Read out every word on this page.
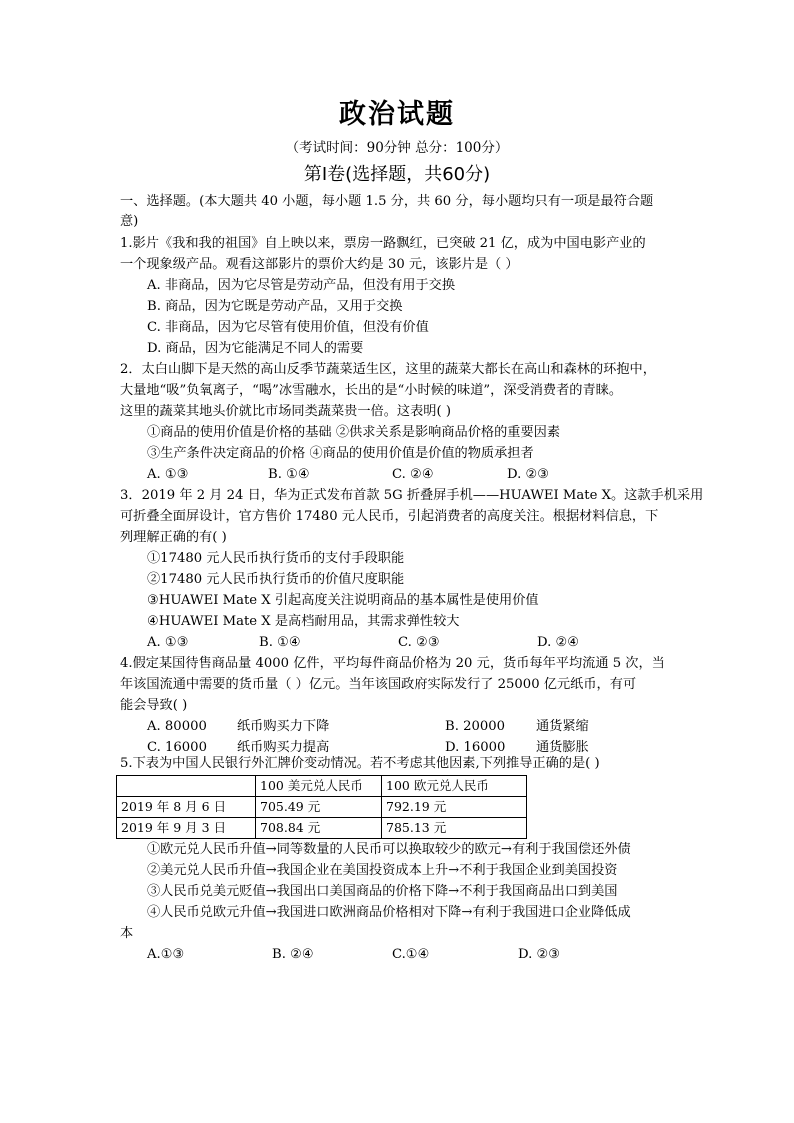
政治试题
（考试时间：90分钟 总分：100分）
第Ⅰ卷(选择题，共60分)
一、选择题。(本大题共 40 小题，每小题 1.5 分，共 60 分，每小题均只有一项是最符合题
意)
1.影片《我和我的祖国》自上映以来，票房一路飘红，已突破 21 亿，成为中国电影产业的
一个现象级产品。观看这部影片的票价大约是 30 元，该影片是（ ）
A. 非商品，因为它尽管是劳动产品，但没有用于交换
B. 商品，因为它既是劳动产品，又用于交换
C. 非商品，因为它尽管有使用价值，但没有价值
D. 商品，因为它能满足不同人的需要
2．太白山脚下是天然的高山反季节蔬菜适生区，这里的蔬菜大都长在高山和森林的环抱中，
大量地“吸”负氧离子，“喝”冰雪融水，长出的是“小时候的味道”，深受消费者的青睐。
这里的蔬菜其地头价就比市场同类蔬菜贵一倍。这表明( )
①商品的使用价值是价格的基础 ②供求关系是影响商品价格的重要因素
③生产条件决定商品的价格 ④商品的使用价值是价值的物质承担者
A. ①③	B. ①④	C. ②④	D. ②③
3．2019 年 2 月 24 日，华为正式发布首款 5G 折叠屏手机——HUAWEI Mate X。这款手机采用
可折叠全面屏设计，官方售价 17480 元人民币，引起消费者的高度关注。根据材料信息，下
列理解正确的有( )
①17480 元人民币执行货币的支付手段职能
②17480 元人民币执行货币的价值尺度职能
③HUAWEI Mate X 引起高度关注说明商品的基本属性是使用价值
④HUAWEI Mate X 是高档耐用品，其需求弹性较大
A. ①③	B. ①④	C. ②③	D. ②④
4.假定某国待售商品量 4000 亿件，平均每件商品价格为 20 元，货币每年平均流通 5 次，当
年该国流通中需要的货币量（ ）亿元。当年该国政府实际发行了 25000 亿元纸币，有可
能会导致( )
A. 80000 纸币购买力下降	B. 20000 通货紧缩
C. 16000 纸币购买力提高	D. 16000 通货膨胀
5.下表为中国人民银行外汇牌价变动情况。若不考虑其他因素,下列推导正确的是( )
	100 美元兑人民币	100 欧元兑人民币
2019 年 8 月 6 日	705.49 元	792.19 元
2019 年 9 月 3 日	708.84 元	785.13 元
①欧元兑人民币升值→同等数量的人民币可以换取较少的欧元→有利于我国偿还外债
②美元兑人民币升值→我国企业在美国投资成本上升→不利于我国企业到美国投资
③人民币兑美元贬值→我国出口美国商品的价格下降→不利于我国商品出口到美国
④人民币兑欧元升值→我国进口欧洲商品价格相对下降→有利于我国进口企业降低成
本
A.①③	B. ②④	C.①④	D. ②③
